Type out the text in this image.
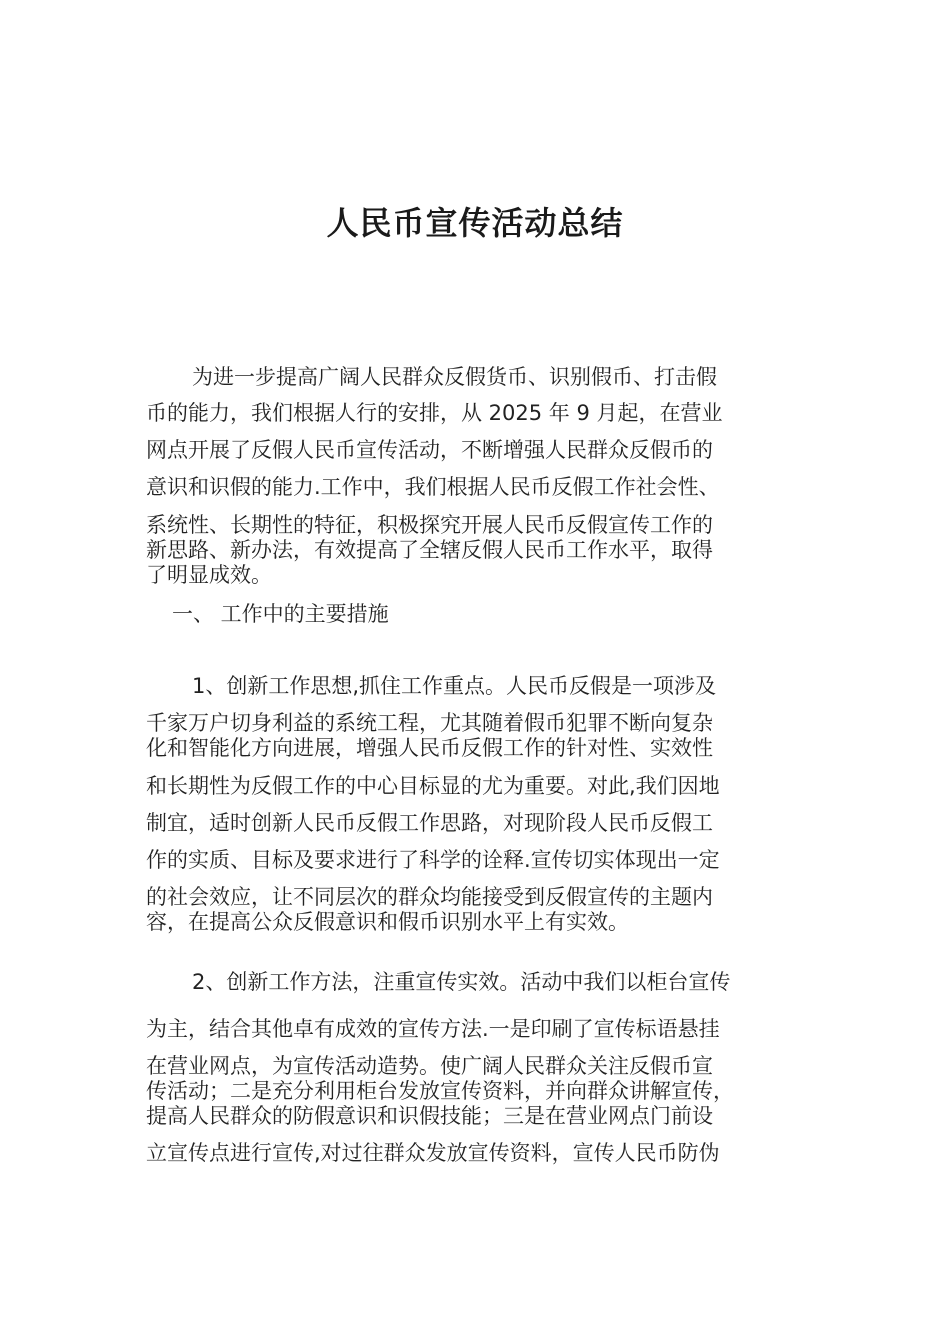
人民币宣传活动总结

为进一步提高广阔人民群众反假货币、识别假币、打击假

币的能力，我们根据人行的安排，从 2025 年 9 月起，在营业

网点开展了反假人民币宣传活动，不断增强人民群众反假币的

意识和识假的能力.工作中，我们根据人民币反假工作社会性、

系统性、长期性的特征，积极探究开展人民币反假宣传工作的

新思路、新办法，有效提高了全辖反假人民币工作水平，取得

了明显成效。

一、 工作中的主要措施

1、创新工作思想,抓住工作重点。人民币反假是一项涉及

千家万户切身利益的系统工程，尤其随着假币犯罪不断向复杂

化和智能化方向进展，增强人民币反假工作的针对性、实效性

和长期性为反假工作的中心目标显的尤为重要。对此,我们因地

制宜，适时创新人民币反假工作思路，对现阶段人民币反假工

作的实质、目标及要求进行了科学的诠释.宣传切实体现出一定

的社会效应，让不同层次的群众均能接受到反假宣传的主题内

容，在提高公众反假意识和假币识别水平上有实效。

2、创新工作方法，注重宣传实效。活动中我们以柜台宣传

为主，结合其他卓有成效的宣传方法.一是印刷了宣传标语悬挂

在营业网点，为宣传活动造势。使广阔人民群众关注反假币宣

传活动；二是充分利用柜台发放宣传资料，并向群众讲解宣传，

提高人民群众的防假意识和识假技能；三是在营业网点门前设

立宣传点进行宣传,对过往群众发放宣传资料，宣传人民币防伪
